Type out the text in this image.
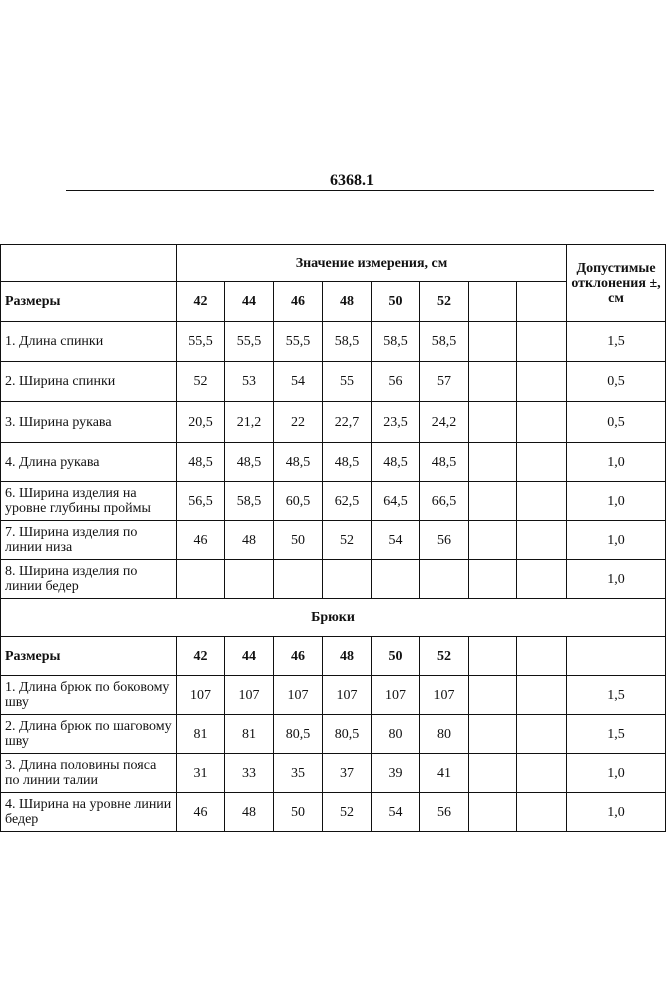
6368.1
	Значение измерения, см								Допустимые отклонения ±, см
Размеры	42	44	46	48	50	52			
1. Длина спинки	55,5	55,5	55,5	58,5	58,5	58,5			1,5
2. Ширина спинки	52	53	54	55	56	57			0,5
3. Ширина рукава	20,5	21,2	22	22,7	23,5	24,2			0,5
4. Длина рукава	48,5	48,5	48,5	48,5	48,5	48,5			1,0
6. Ширина изделия на уровне глубины проймы	56,5	58,5	60,5	62,5	64,5	66,5			1,0
7. Ширина изделия по линии низа	46	48	50	52	54	56			1,0
8. Ширина изделия по линии бедер									1,0
Брюки									
Размеры	42	44	46	48	50	52			
1. Длина брюк по боковому шву	107	107	107	107	107	107			1,5
2. Длина брюк по шаговому шву	81	81	80,5	80,5	80	80			1,5
3. Длина половины пояса по линии талии	31	33	35	37	39	41			1,0
4. Ширина на уровне линии бедер	46	48	50	52	54	56			1,0
